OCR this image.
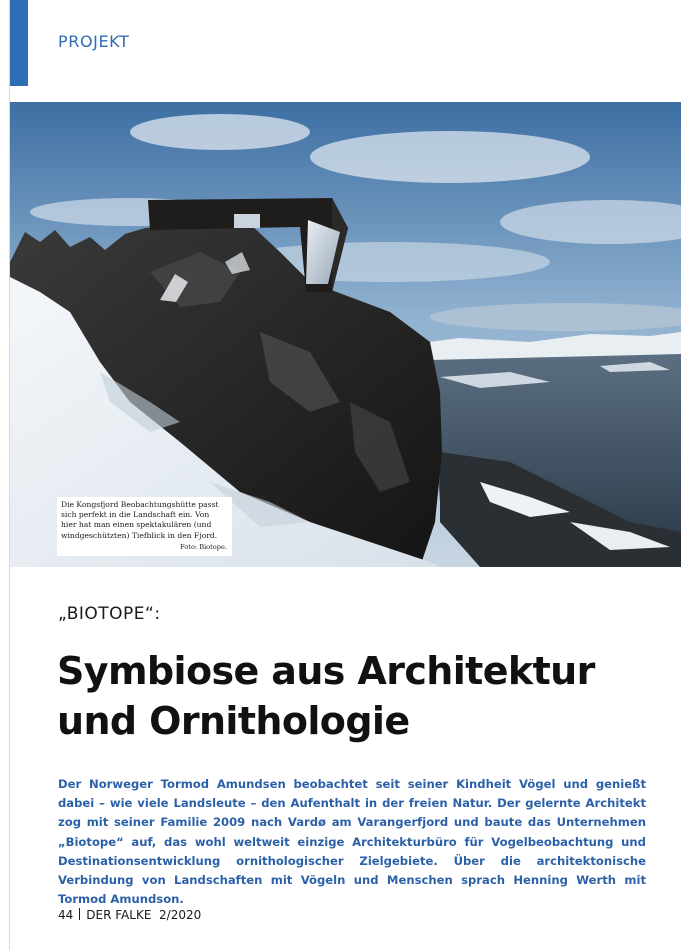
PROJEKT
Die Kongsfjord Beobachtungshütte passt sich perfekt in die Landschaft ein. Von hier hat man einen spektakulären (und windgeschützten) Tiefblick in den Fjord.
Foto: Biotope.
„BIOTOPE“:
Symbiose aus Architektur
und Ornithologie

Der Norweger Tormod Amundsen beobachtet seit seiner Kindheit Vögel und genießt dabei – wie viele Landsleute – den Aufenthalt in der freien Natur. Der gelernte Architekt zog mit seiner Familie 2009 nach Vardø am Varangerfjord und baute das Unternehmen „Biotope“ auf, das wohl weltweit einzige Architekturbüro für Vogelbeobachtung und Destinationsentwicklung ornithologischer Zielgebiete. Über die architektonische Verbindung von Landschaften mit Vögeln und Menschen sprach Henning Werth mit Tormod Amundson.

44 DER FALKE 2/2020
